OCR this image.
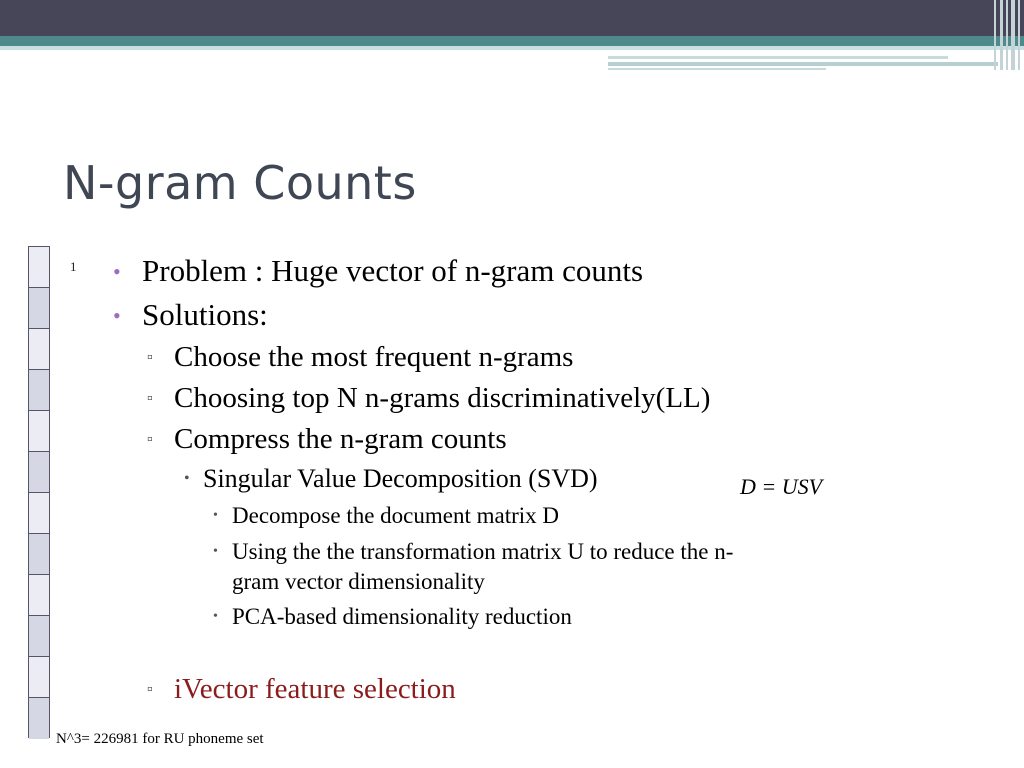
N-gram Counts
1 • Problem : Huge vector of n-gram counts
• Solutions:
▫ Choose the most frequent n-grams
▫ Choosing top N n-grams discriminatively(LL)
▫ Compress the n-gram counts
• Singular Value Decomposition (SVD)	D = USV
• Decompose the document matrix D
• Using the the transformation matrix U to reduce the n-
gram vector dimensionality
• PCA-based dimensionality reduction
▫ iVector feature selection
N^3= 226981 for RU phoneme set
